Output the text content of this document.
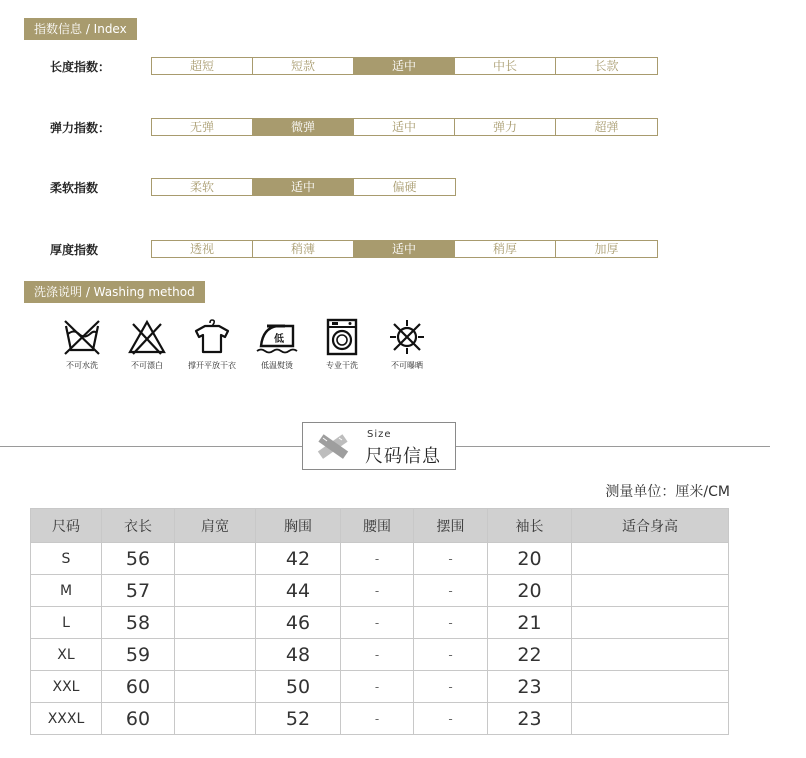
指数信息 / Index
长度指数：	超短	短款	适中	中长	长款
弹力指数：	无弹	微弹	适中	弹力	超弹
柔软指数	柔软	适中	偏硬
厚度指数	透视	稍薄	适中	稍厚	加厚
洗涤说明 / Washing method
不可水洗	不可漂白	撑开平放干衣
低
低温熨烫	专业干洗	不可曝晒
Size
尺码信息
测量单位：厘米/CM
尺码	衣长	肩宽	胸围	腰围	摆围	袖长	适合身高
S	56		42	-	-	20	
M	57		44	-	-	20	
L	58		46	-	-	21	
XL	59		48	-	-	22	
XXL	60		50	-	-	23	
XXXL	60		52	-	-	23	
